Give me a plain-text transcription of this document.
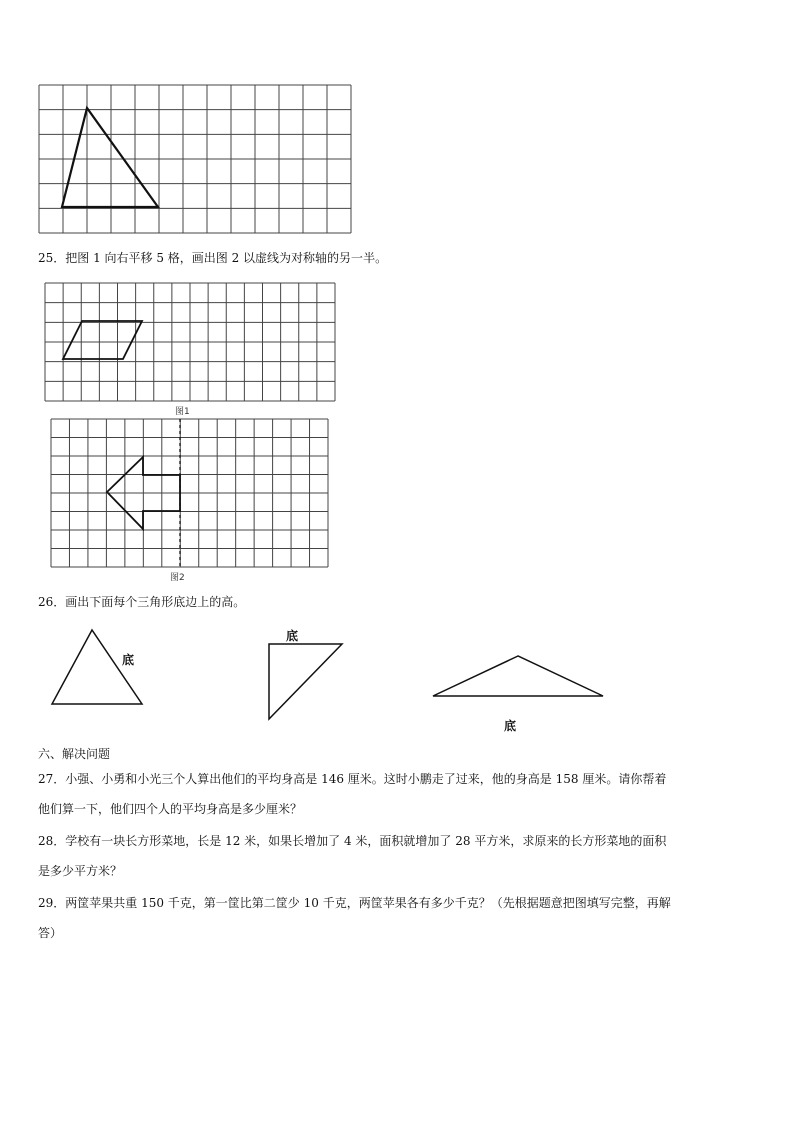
25．把图 1 向右平移 5 格，画出图 2 以虚线为对称轴的另一半。
图1
图2
26．画出下面每个三角形底边上的高。
底
底
底
六、解决问题
27．小强、小勇和小光三个人算出他们的平均身高是 146 厘米。这时小鹏走了过来，他的身高是 158 厘米。请你帮着
他们算一下，他们四个人的平均身高是多少厘米？
28．学校有一块长方形菜地，长是 12 米，如果长增加了 4 米，面积就增加了 28 平方米，求原来的长方形菜地的面积
是多少平方米？
29．两筐苹果共重 150 千克，第一筐比第二筐少 10 千克，两筐苹果各有多少千克？（先根据题意把图填写完整，再解
答）
